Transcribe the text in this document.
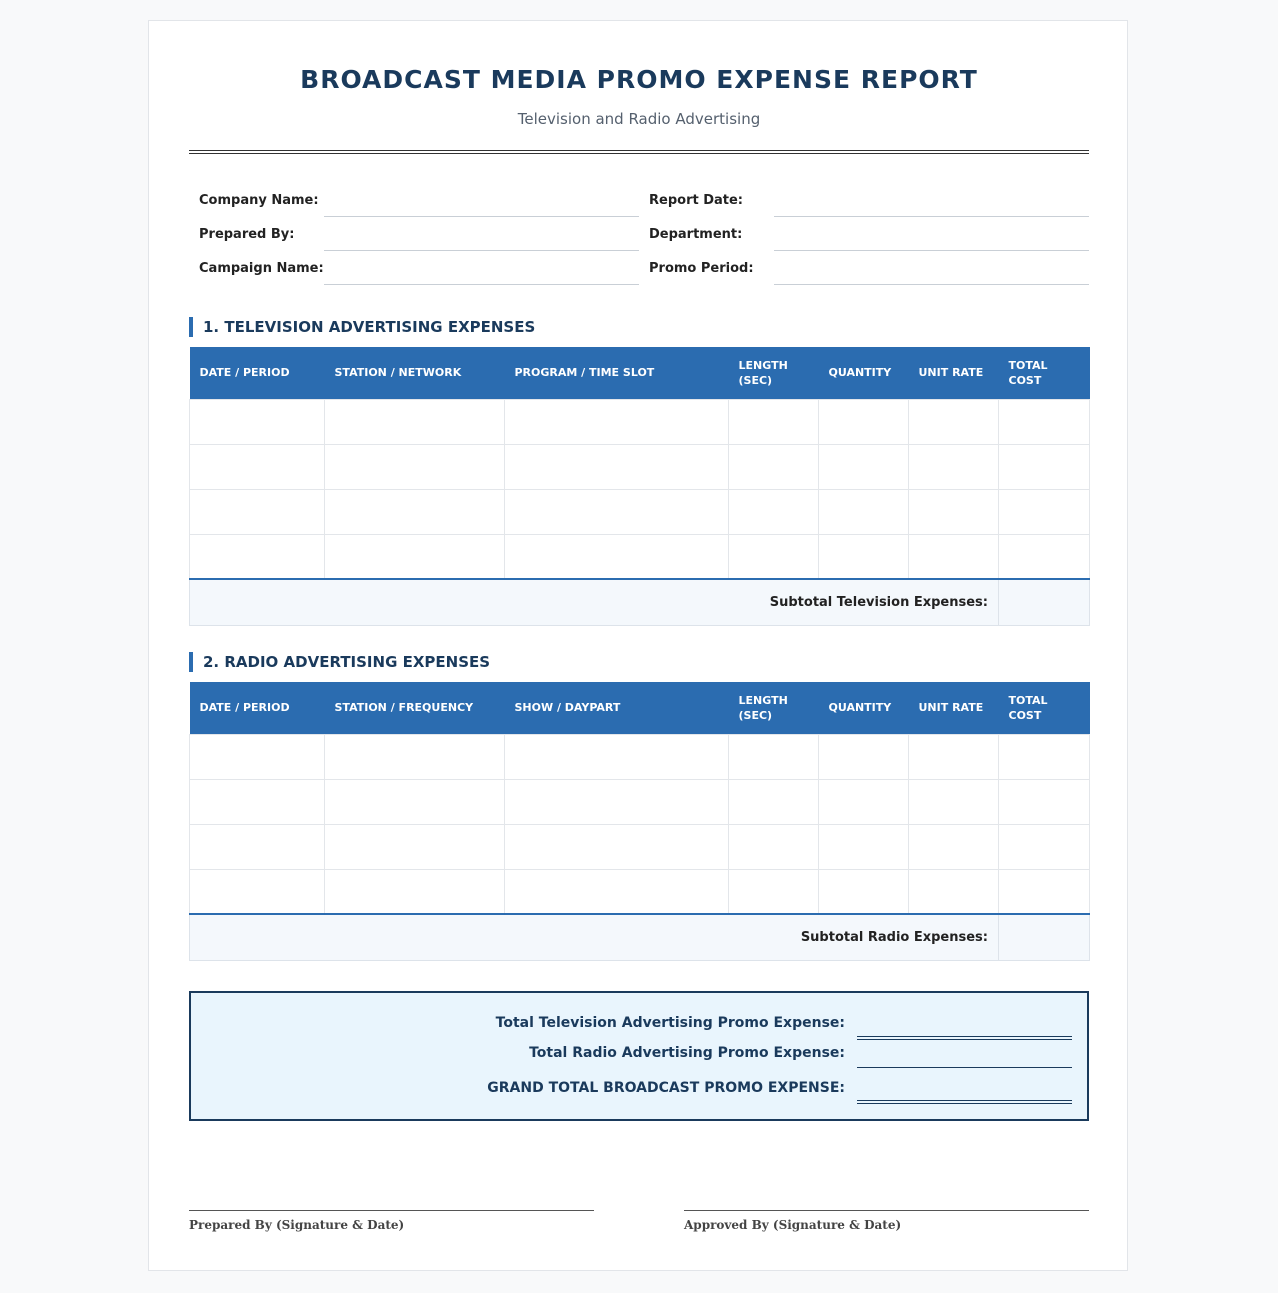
BROADCAST MEDIA PROMO EXPENSE REPORT
Television and Radio Advertising
Company Name:	Report Date:
Prepared By:	Department:
Campaign Name:	Promo Period:
1. TELEVISION ADVERTISING EXPENSES
DATE / PERIOD	STATION / NETWORK	PROGRAM / TIME SLOT	LENGTH (SEC)	QUANTITY	UNIT RATE	TOTAL COST

Subtotal Television Expenses:						
2. RADIO ADVERTISING EXPENSES
DATE / PERIOD	STATION / FREQUENCY	SHOW / DAYPART	LENGTH (SEC)	QUANTITY	UNIT RATE	TOTAL COST

Subtotal Radio Expenses:						
Total Television Advertising Promo Expense:
Total Radio Advertising Promo Expense:
GRAND TOTAL BROADCAST PROMO EXPENSE:
Prepared By (Signature & Date)	Approved By (Signature & Date)
